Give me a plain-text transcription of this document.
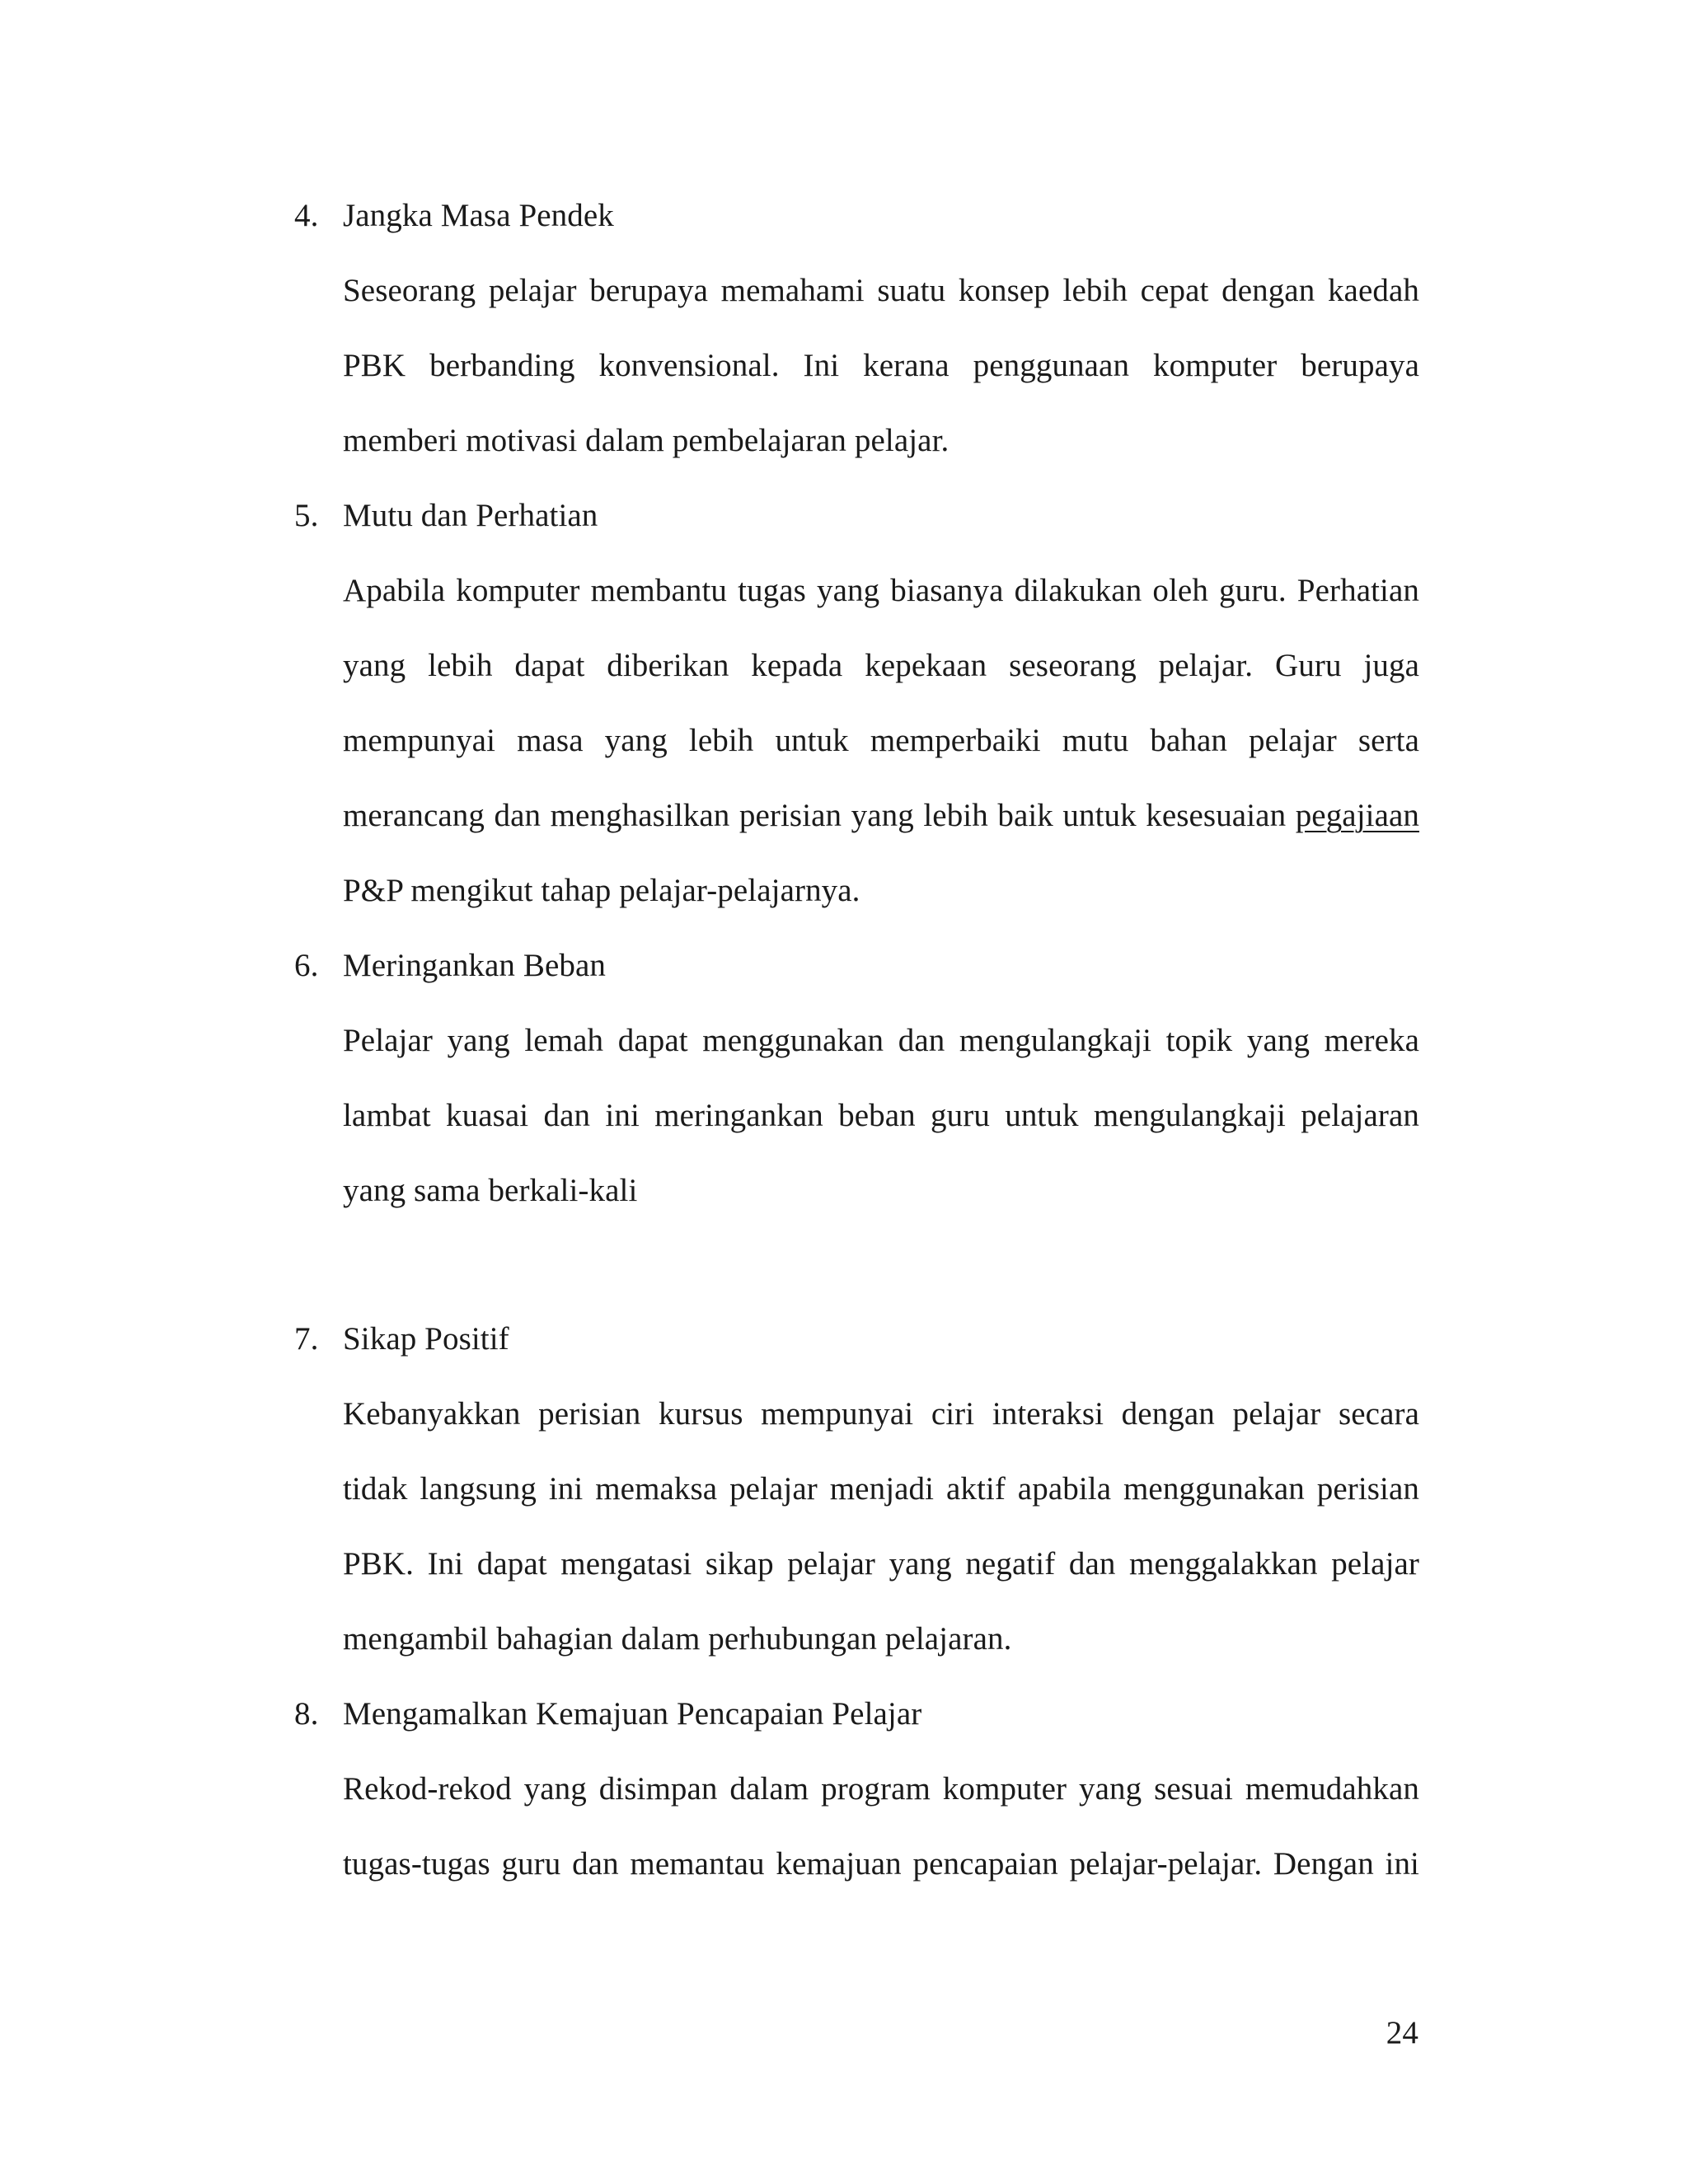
4. Jangka Masa Pendek
Seseorang pelajar berupaya memahami suatu konsep lebih cepat dengan kaedah
PBK berbanding konvensional. Ini kerana penggunaan komputer berupaya
memberi motivasi dalam pembelajaran pelajar.
5. Mutu dan Perhatian
Apabila komputer membantu tugas yang biasanya dilakukan oleh guru. Perhatian
yang lebih dapat diberikan kepada kepekaan seseorang pelajar. Guru juga
mempunyai masa yang lebih untuk memperbaiki mutu bahan pelajar serta
merancang dan menghasilkan perisian yang lebih baik untuk kesesuaian pegajiaan
P&P mengikut tahap pelajar-pelajarnya.
6. Meringankan Beban
Pelajar yang lemah dapat menggunakan dan mengulangkaji topik yang mereka
lambat kuasai dan ini meringankan beban guru untuk mengulangkaji pelajaran
yang sama berkali-kali
7. Sikap Positif
Kebanyakkan perisian kursus mempunyai ciri interaksi dengan pelajar secara
tidak langsung ini memaksa pelajar menjadi aktif apabila menggunakan perisian
PBK. Ini dapat mengatasi sikap pelajar yang negatif dan menggalakkan pelajar
mengambil bahagian dalam perhubungan pelajaran.
8. Mengamalkan Kemajuan Pencapaian Pelajar
Rekod-rekod yang disimpan dalam program komputer yang sesuai memudahkan
tugas-tugas guru dan memantau kemajuan pencapaian pelajar-pelajar. Dengan ini
24
